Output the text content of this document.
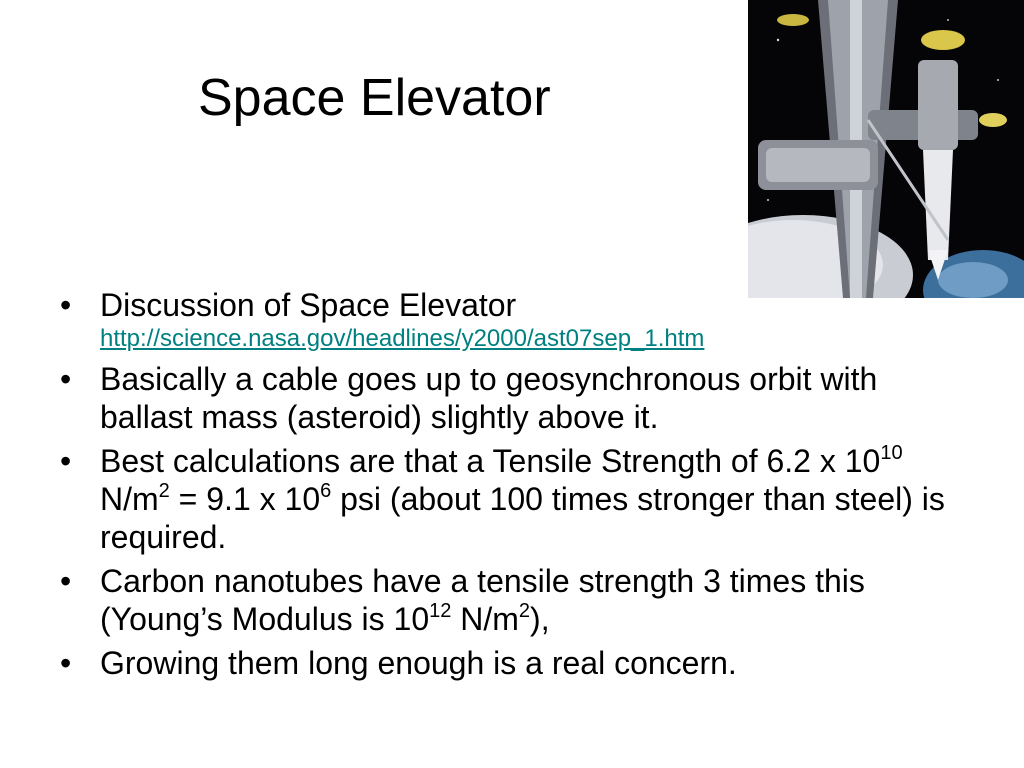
Space Elevator
• Discussion of Space Elevator
http://science.nasa.gov/headlines/y2000/ast07sep_1.htm
• Basically a cable goes up to geosynchronous orbit with ballast mass (asteroid) slightly above it.
• Best calculations are that a Tensile Strength of 6.2 x $10^{10}$ $N/m^2 = 9.1$ x $10^6$ psi (about 100 times stronger than steel) is required.
• Carbon nanotubes have a tensile strength 3 times this (Young’s Modulus is $10^{12}$ $N/m^2$),
• Growing them long enough is a real concern.
